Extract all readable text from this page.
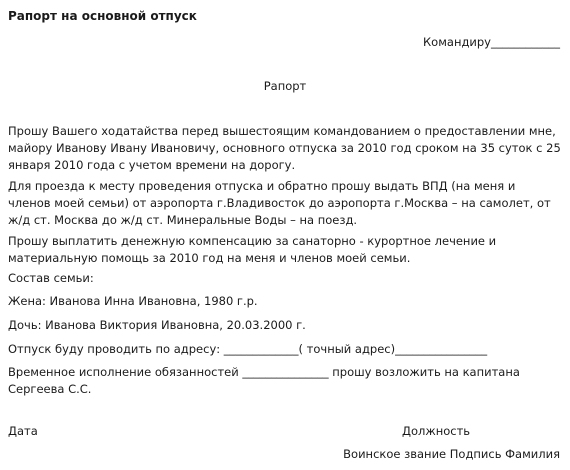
Рапорт на основной отпуск
Командиру____________
Рапорт

Прошу Вашего ходатайства перед вышестоящим командованием о предоставлении мне, майору Иванову Ивану Ивановичу, основного отпуска за 2010 год сроком на 35 суток с 25 января 2010 года с учетом времени на дорогу.

Для проезда к месту проведения отпуска и обратно прошу выдать ВПД (на меня и членов моей семьи) от аэропорта г.Владивосток до аэропорта г.Москва – на самолет, от ж/д ст. Москва до ж/д ст. Минеральные Воды – на поезд.

Прошу выплатить денежную компенсацию за санаторно - курортное лечение и материальную помощь за 2010 год на меня и членов моей семьи.

Состав семьи:
Жена: Иванова Инна Ивановна, 1980 г.р.
Дочь: Иванова Виктория Ивановна, 20.03.2000 г.
Отпуск буду проводить по адресу: _____________( точный адрес)________________

Временное исполнение обязанностей _______________ прошу возложить на капитана Сергеева С.С.

Дата	Должность
Воинское звание Подпись Фамилия
